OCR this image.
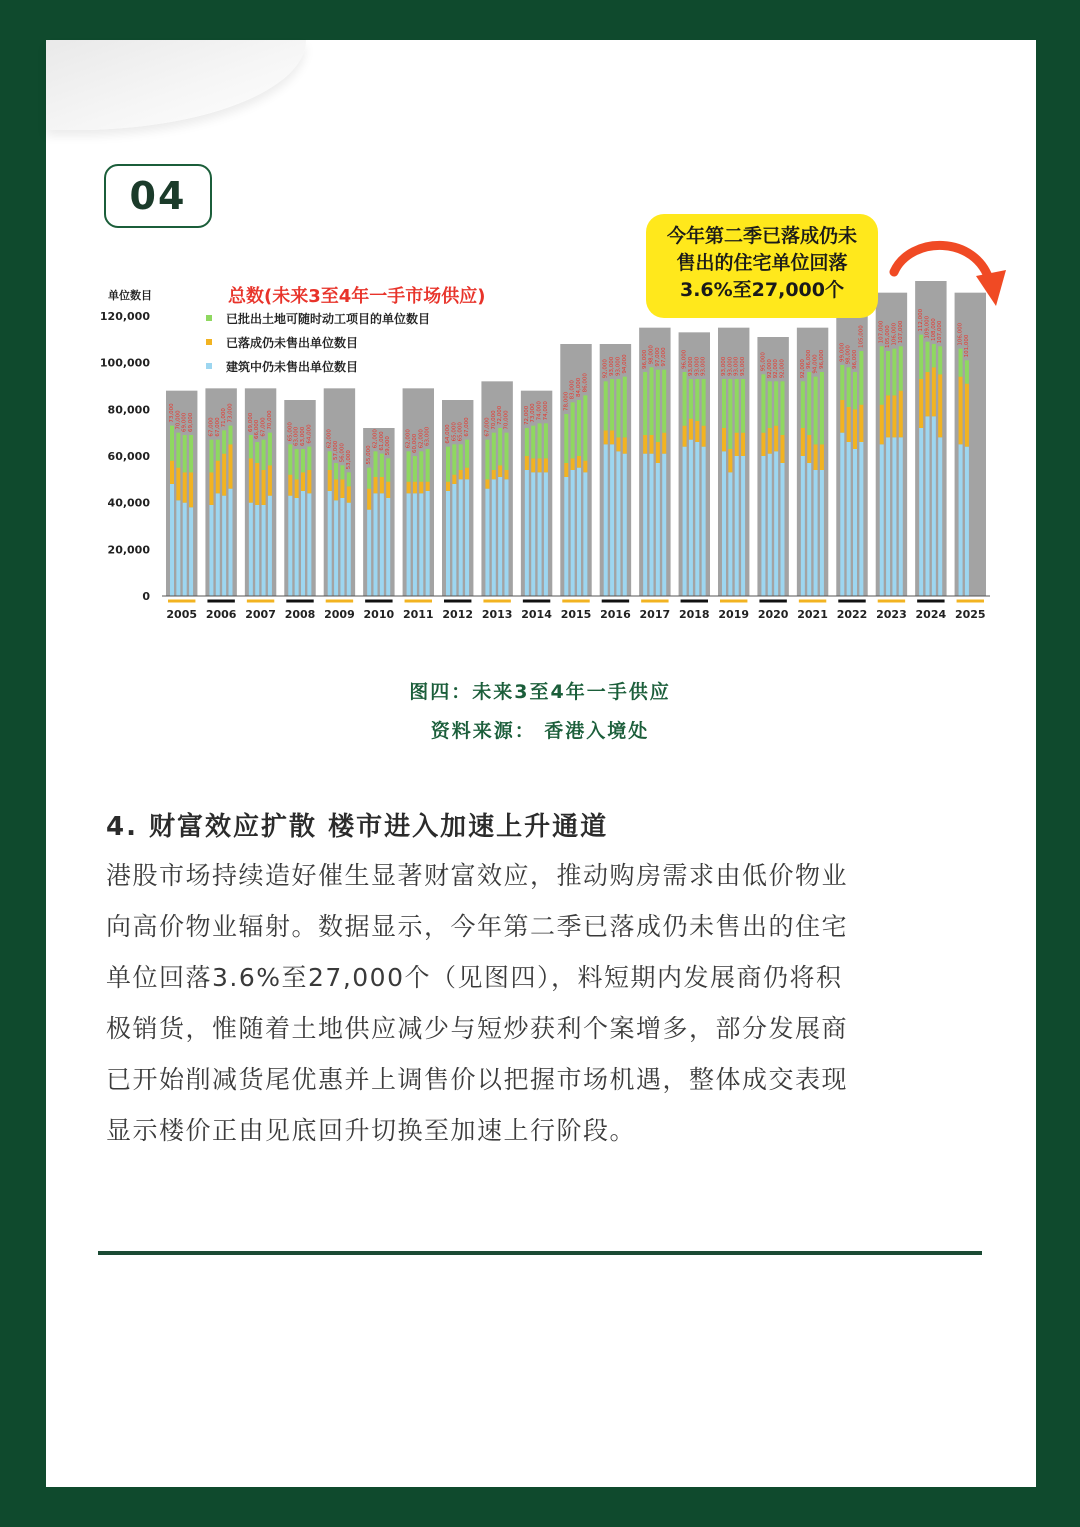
04
单位数目	总数(未来3至4年一手市场供应)
0
20,000
40,000
60,000
80,000
100,000
120,000	已批出土地可随时动工项目的单位数目
已落成仍未售出单位数目
建筑中仍未售出单位数目
73,000 70,000 69,000 69,000	67,000 67,000 71,000 73,000	69,000 66,000 67,000 70,000
65,000 63,000 63,000 64,000	62,000
57,000 56,000 53,000	55,000
62,000 61,000 59,000	62,000 60,000 62,000 63,000	64,000 65,000 65,000 67,000	67,000 70,000 72,000 70,000	72,000 73,000 74,000 74,000	78,000
83,000 84,000 86,000
92,000 93,000 93,000 94,000	96,000 98,000 97,000 97,000	96,000 93,000 93,000 93,000	93,000 93,000 93,000 93,000	95,000 92,000 92,000 92,000	92,000 96,000 94,000 96,000	99,000 98,000 96,000
105,000	107,000 105,000 106,000 107,000
112,000 109,000 108,000 107,000	106,000
101,000
2005 2006 2007 2008 2009 2010 2011 2012 2013 2014 2015 2016 2017 2018 2019 2020 2021 2022 2023 2024 2025
今年第二季已落成仍未
售出的住宅单位回落
3.6%至27,000个
图四：未来3至4年一手供应
资料来源： 香港入境处
4. 财富效应扩散 楼市进入加速上升通道
港股市场持续造好催生显著财富效应，推动购房需求由低价物业
向高价物业辐射。数据显示，今年第二季已落成仍未售出的住宅
单位回落3.6%至27,000个（见图四），料短期内发展商仍将积
极销货，惟随着土地供应减少与短炒获利个案增多，部分发展商
已开始削减货尾优惠并上调售价以把握市场机遇，整体成交表现
显示楼价正由见底回升切换至加速上行阶段。
